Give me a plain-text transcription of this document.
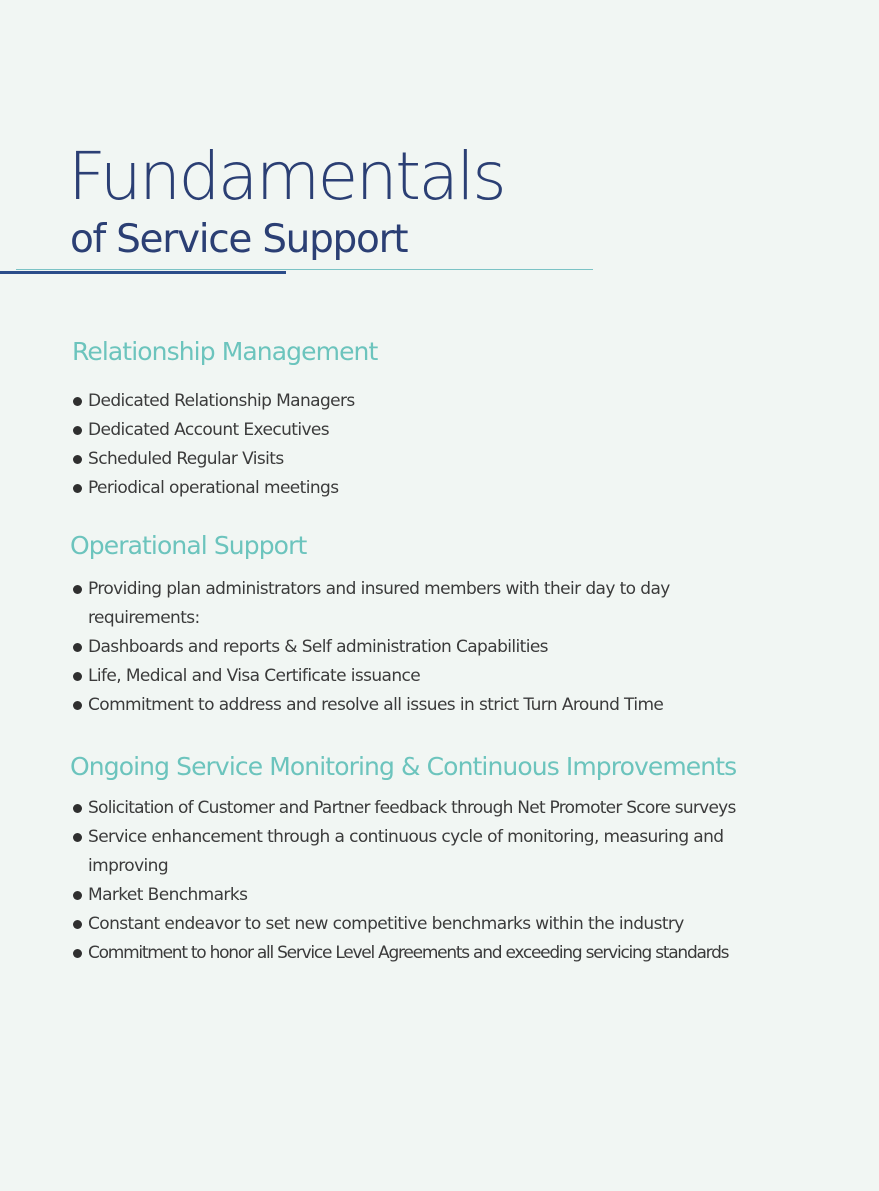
Fundamentals
of Service Support
Relationship Management
Dedicated Relationship Managers
Dedicated Account Executives
Scheduled Regular Visits
Periodical operational meetings
Operational Support
Providing plan administrators and insured members with their day to day requirements:
Dashboards and reports & Self administration Capabilities
Life, Medical and Visa Certificate issuance
Commitment to address and resolve all issues in strict Turn Around Time
Ongoing Service Monitoring & Continuous Improvements
Solicitation of Customer and Partner feedback through Net Promoter Score surveys
Service enhancement through a continuous cycle of monitoring, measuring and improving
Market Benchmarks
Constant endeavor to set new competitive benchmarks within the industry
Commitment to honor all Service Level Agreements and exceeding servicing standards
